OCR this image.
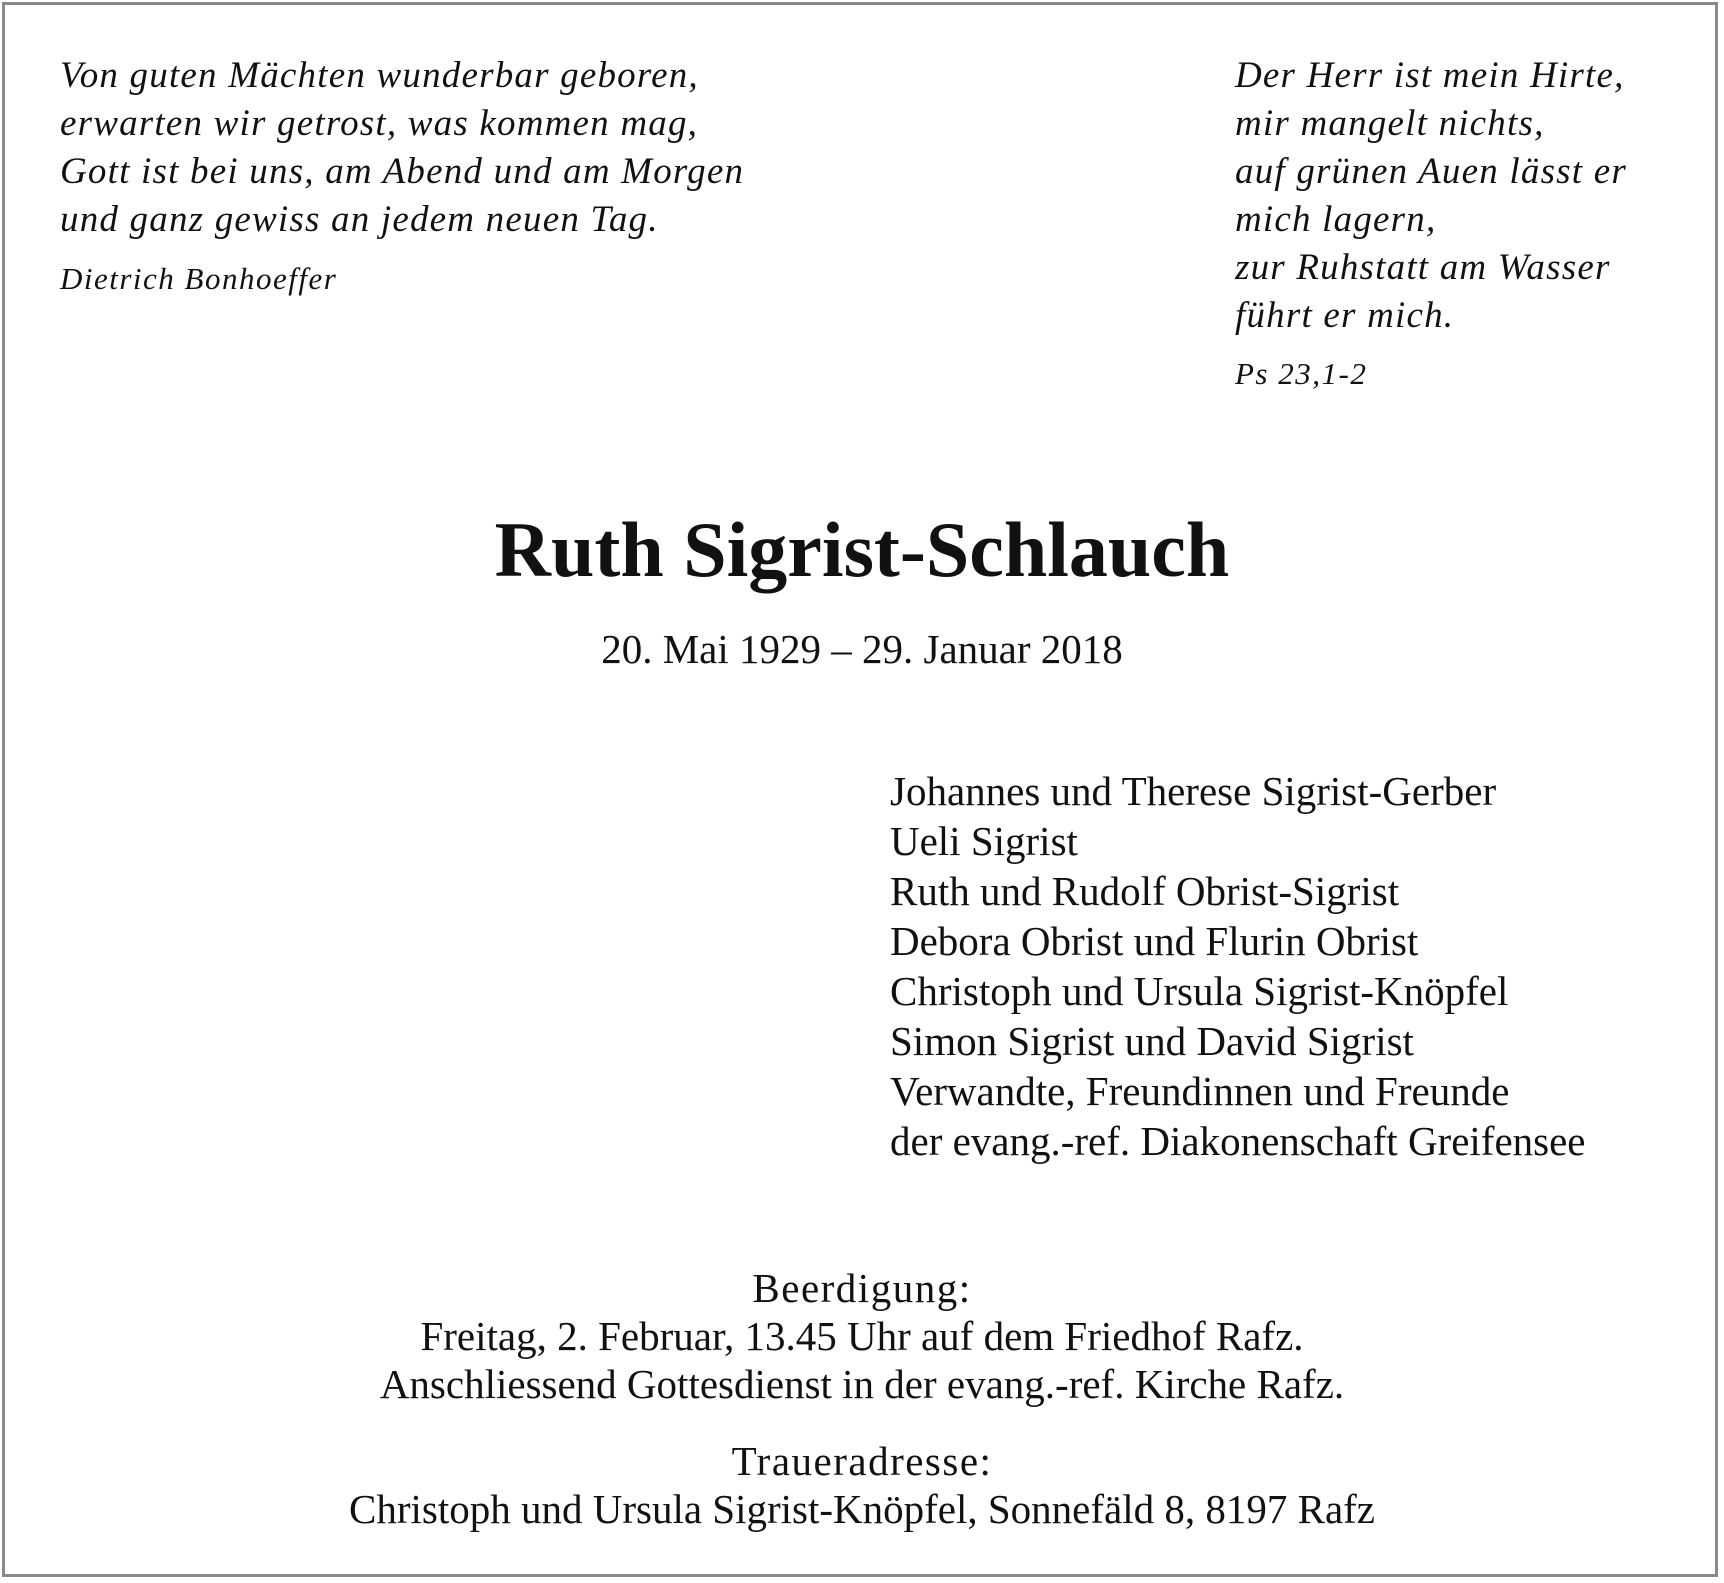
Von guten Mächten wunderbar geboren,
erwarten wir getrost, was kommen mag,
Gott ist bei uns, am Abend und am Morgen
und ganz gewiss an jedem neuen Tag.
Dietrich Bonhoeffer
Der Herr ist mein Hirte,
mir mangelt nichts,
auf grünen Auen lässt er
mich lagern,
zur Ruhstatt am Wasser
führt er mich.
Ps 23,1-2
Ruth Sigrist-Schlauch
20. Mai 1929 – 29. Januar 2018
Johannes und Therese Sigrist-Gerber
Ueli Sigrist
Ruth und Rudolf Obrist-Sigrist
Debora Obrist und Flurin Obrist
Christoph und Ursula Sigrist-Knöpfel
Simon Sigrist und David Sigrist
Verwandte, Freundinnen und Freunde
der evang.-ref. Diakonenschaft Greifensee
Beerdigung:
Freitag, 2. Februar, 13.45 Uhr auf dem Friedhof Rafz.
Anschliessend Gottesdienst in der evang.-ref. Kirche Rafz.
Traueradresse:
Christoph und Ursula Sigrist-Knöpfel, Sonnefäld 8, 8197 Rafz
